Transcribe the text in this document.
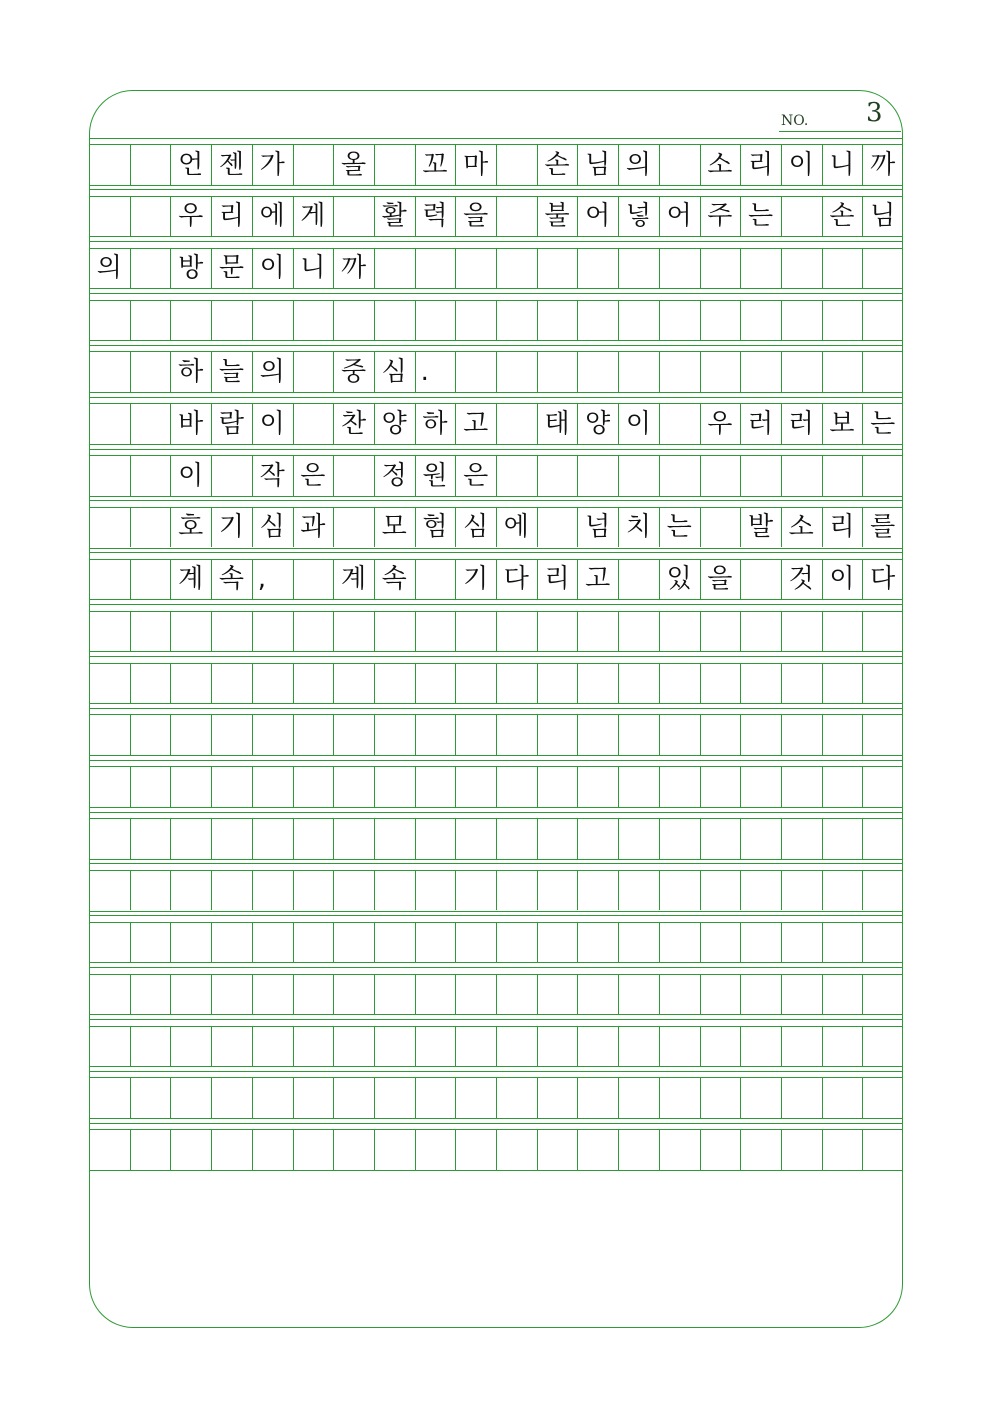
NO. 3
언 젠 가 올 꼬 마 손 님 의 소 리 이 니 까
우 리 에 게 활 력 을 불 어 넣 어 주 는 손 님
의 방 문 이 니 까
하 늘 의 중 심 .
바 람 이 찬 양 하 고 태 양 이 우 러 러 보 는
이 작 은 정 원 은
호 기 심 과 모 험 심 에 넘 치 는 발 소 리 를
계 속 ,	계 속 기 다 리 고 있 을 것 이 다
